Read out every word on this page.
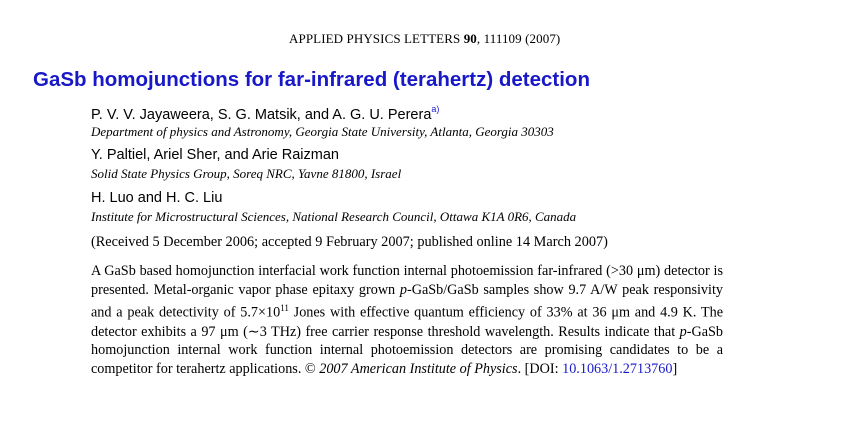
APPLIED PHYSICS LETTERS 90, 111109 (2007)
GaSb homojunctions for far-infrared (terahertz) detection
P. V. V. Jayaweera, S. G. Matsik, and A. G. U. Perera$^{a)}$
Department of physics and Astronomy, Georgia State University, Atlanta, Georgia 30303
Y. Paltiel, Ariel Sher, and Arie Raizman
Solid State Physics Group, Soreq NRC, Yavne 81800, Israel
H. Luo and H. C. Liu
Institute for Microstructural Sciences, National Research Council, Ottawa K1A 0R6, Canada
(Received 5 December 2006; accepted 9 February 2007; published online 14 March 2007)
A GaSb based homojunction interfacial work function internal photoemission far-infrared (>30 μm) detector is presented. Metal-organic vapor phase epitaxy grown p-GaSb/GaSb samples show 9.7 A/W peak responsivity and a peak detectivity of $5.7\times 10^{11}$ Jones with effective quantum efficiency of 33% at 36 μm and 4.9 K. The detector exhibits a 97 μm (∼3 THz) free carrier response threshold wavelength. Results indicate that p-GaSb homojunction internal work function internal photoemission detectors are promising candidates to be a competitor for terahertz applications. © 2007 American Institute of Physics. [DOI: 10.1063/1.2713760]
